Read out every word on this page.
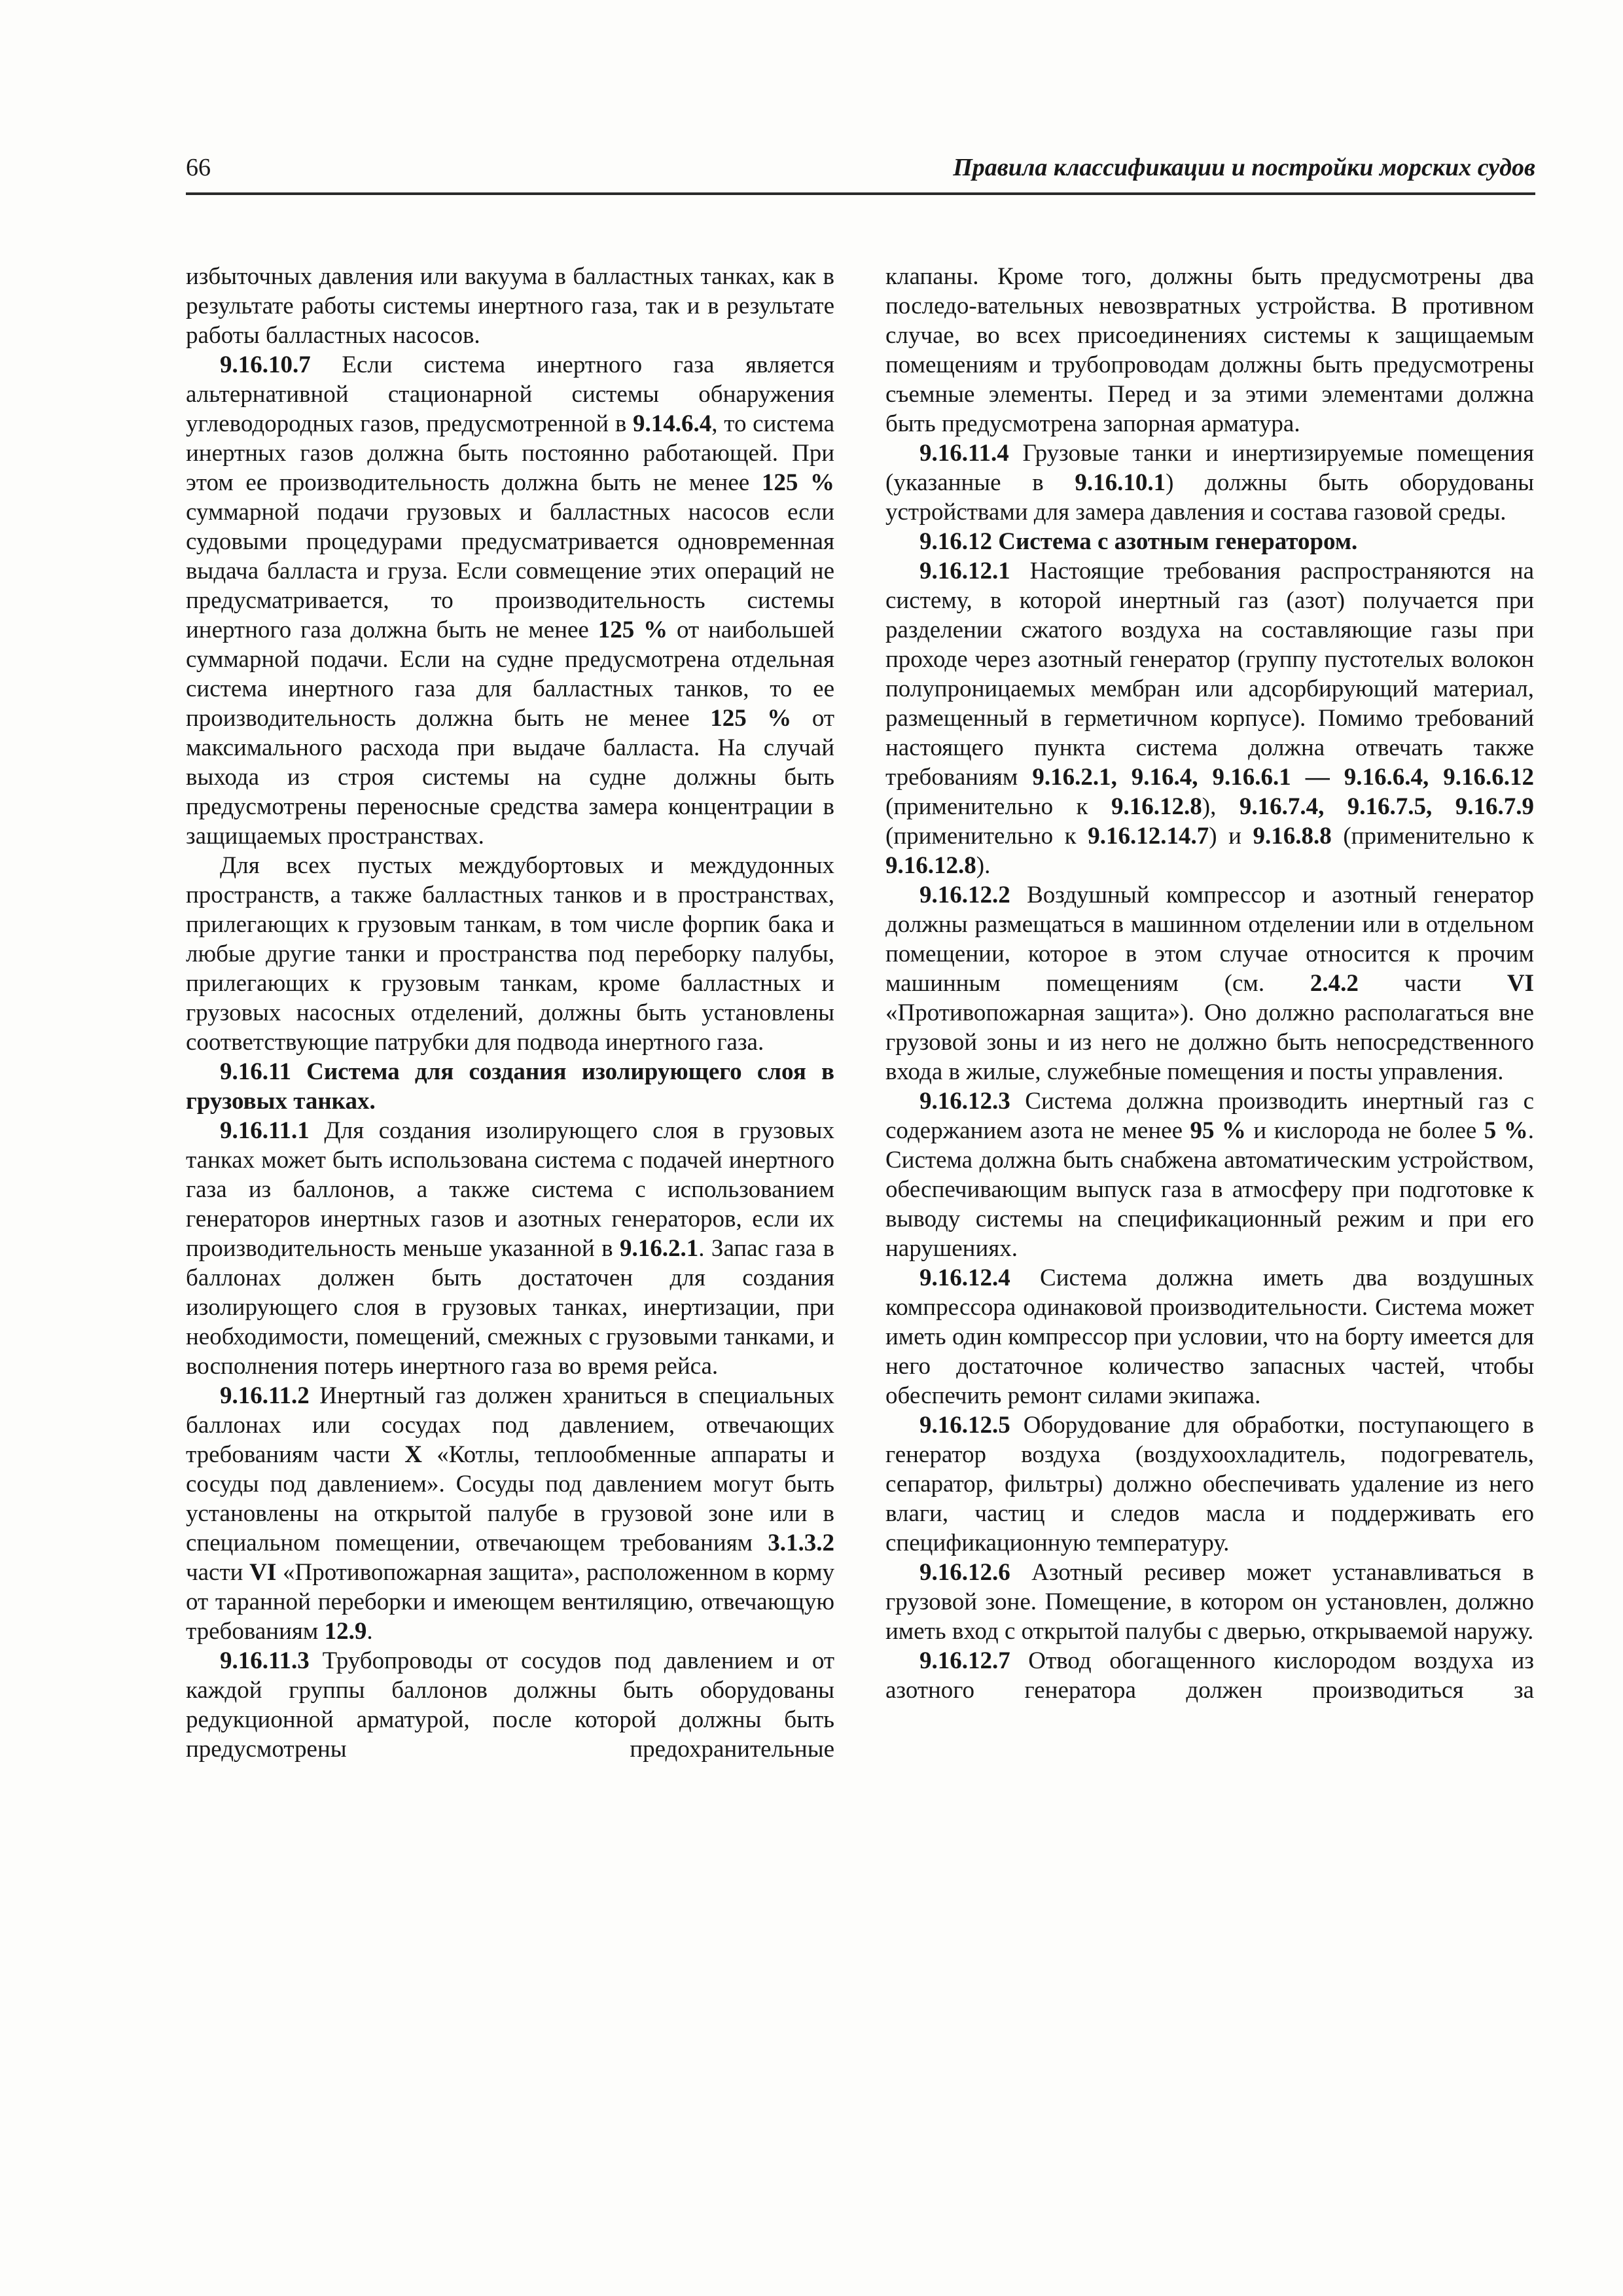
66	Правила классификации и постройки морских судов

избыточных давления или вакуума в балластных танках, как в результате работы системы инертного газа, так и в результате работы балластных насосов.

9.16.10.7 Если система инертного газа является альтернативной стационарной системы обнаружения углеводородных газов, предусмотренной в 9.14.6.4, то система инертных газов должна быть постоянно работающей. При этом ее производительность должна быть не менее 125 % суммарной подачи грузовых и балластных насосов если судовыми процедурами предусматривается одновременная выдача балласта и груза. Если совмещение этих операций не предусматривается, то производительность системы инертного газа должна быть не менее 125 % от наибольшей суммарной подачи. Если на судне предусмотрена отдельная система инертного газа для балластных танков, то ее производительность должна быть не менее 125 % от максимального расхода при выдаче балласта. На случай выхода из строя системы на судне должны быть предусмотрены переносные средства замера концентрации в защищаемых пространствах.

Для всех пустых междубортовых и междудонных пространств, а также балластных танков и в пространствах, прилегающих к грузовым танкам, в том числе форпик бака и любые другие танки и пространства под переборку палубы, прилегающих к грузовым танкам, кроме балластных и грузовых насосных отделений, должны быть установлены соответствующие патрубки для подвода инертного газа.

9.16.11 Система для создания изолирующего слоя в грузовых танках.

9.16.11.1 Для создания изолирующего слоя в грузовых танках может быть использована система с подачей инертного газа из баллонов, а также система с использованием генераторов инертных газов и азотных генераторов, если их производительность меньше указанной в 9.16.2.1. Запас газа в баллонах должен быть достаточен для создания изолирующего слоя в грузовых танках, инертизации, при необходимости, помещений, смежных с грузовыми танками, и восполнения потерь инертного газа во время рейса.

9.16.11.2 Инертный газ должен храниться в специальных баллонах или сосудах под давлением, отвечающих требованиям части X «Котлы, теплообменные аппараты и сосуды под давлением». Сосуды под давлением могут быть установлены на открытой палубе в грузовой зоне или в специальном помещении, отвечающем требованиям 3.1.3.2 части VI «Противопожарная защита», расположенном в корму от таранной переборки и имеющем вентиляцию, отвечающую требованиям 12.9.

9.16.11.3 Трубопроводы от сосудов под давлением и от каждой группы баллонов должны быть оборудованы редукционной арматурой, после которой должны быть предусмотрены предохранительные

клапаны. Кроме того, должны быть предусмотрены два последо-вательных невозвратных устройства. В противном случае, во всех присоединениях системы к защищаемым помещениям и трубопроводам должны быть предусмотрены съемные элементы. Перед и за этими элементами должна быть предусмотрена запорная арматура.

9.16.11.4 Грузовые танки и инертизируемые помещения (указанные в 9.16.10.1) должны быть оборудованы устройствами для замера давления и состава газовой среды.

9.16.12 Система с азотным генератором.

9.16.12.1 Настоящие требования распространяются на систему, в которой инертный газ (азот) получается при разделении сжатого воздуха на составляющие газы при проходе через азотный генератор (группу пустотелых волокон полупроницаемых мембран или адсорбирующий материал, размещенный в герметичном корпусе). Помимо требований настоящего пункта система должна отвечать также требованиям 9.16.2.1, 9.16.4, 9.16.6.1 — 9.16.6.4, 9.16.6.12 (применительно к 9.16.12.8), 9.16.7.4, 9.16.7.5, 9.16.7.9 (применительно к 9.16.12.14.7) и 9.16.8.8 (применительно к 9.16.12.8).

9.16.12.2 Воздушный компрессор и азотный генератор должны размещаться в машинном отделении или в отдельном помещении, которое в этом случае относится к прочим машинным помещениям (см. 2.4.2 части VI «Противопожарная защита»). Оно должно располагаться вне грузовой зоны и из него не должно быть непосредственного входа в жилые, служебные помещения и посты управления.

9.16.12.3 Система должна производить инертный газ с содержанием азота не менее 95 % и кислорода не более 5 %. Система должна быть снабжена автоматическим устройством, обеспечивающим выпуск газа в атмосферу при подготовке к выводу системы на спецификационный режим и при его нарушениях.

9.16.12.4 Система должна иметь два воздушных компрессора одинаковой производительности. Система может иметь один компрессор при условии, что на борту имеется для него достаточное количество запасных частей, чтобы обеспечить ремонт силами экипажа.

9.16.12.5 Оборудование для обработки, поступающего в генератор воздуха (воздухоохладитель, подогреватель, сепаратор, фильтры) должно обеспечивать удаление из него влаги, частиц и следов масла и поддерживать его спецификационную температуру.

9.16.12.6 Азотный ресивер может устанавливаться в грузовой зоне. Помещение, в котором он установлен, должно иметь вход с открытой палубы с дверью, открываемой наружу.

9.16.12.7 Отвод обогащенного кислородом воздуха из азотного генератора должен производиться за
